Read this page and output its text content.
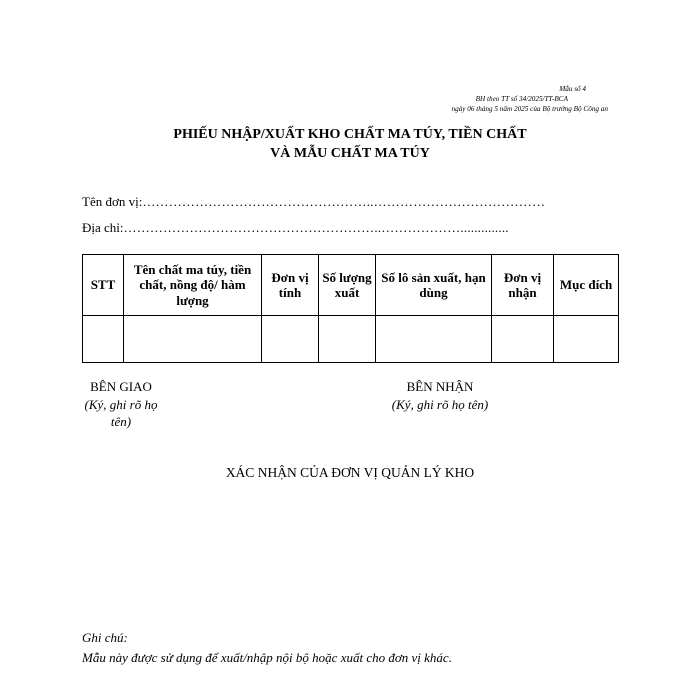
Mẫu số 4
BH theo TT số 34/2025/TT-BCA
ngày 06 tháng 5 năm 2025 của Bộ trưởng Bộ Công an
PHIẾU NHẬP/XUẤT KHO CHẤT MA TÚY, TIỀN CHẤT
VÀ MẪU CHẤT MA TÚY
Tên đơn vị:……………………………………………..…………………………………
Địa chỉ:…………………………………………………..………………..............
STT	Tên chất ma túy, tiền chất, nồng độ/ hàm lượng	Đơn vị tính	Số lượng xuất	Số lô sản xuất, hạn dùng	Đơn vị nhận	Mục đích

BÊN GIAO
(Ký, ghi rõ họ tên)
BÊN NHẬN
(Ký, ghi rõ họ tên)
XÁC NHẬN CỦA ĐƠN VỊ QUẢN LÝ KHO
Ghi chú:
Mẫu này được sử dụng để xuất/nhập nội bộ hoặc xuất cho đơn vị khác.
